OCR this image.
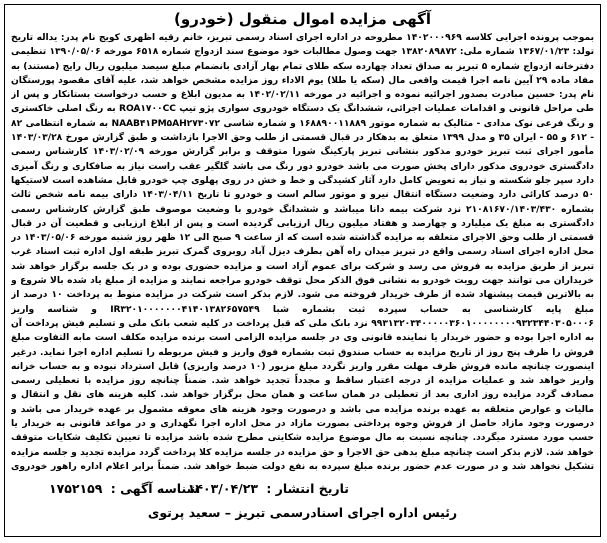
آگهی مزایده اموال منقول (خودرو)
بموجب پرونده اجرایی کلاسه ۱۴۰۲۰۰۰۹۶۹ مطروحه در اداره اجرای اسناد رسمی تبریز، خانم رقیه اظهری کویج نام پدر: یداله تاریخ تولد: ۱۳۶۷/۰۱/۲۳ شماره ملی: ۱۳۸۲۰۸۹۸۷۲ جهت وصول مطالبات خود موضوع سند ازدواج شماره ۶۵۱۸ مورخه ۱۳۹۰/۰۵/۰۶ تنظیمی دفترخانه ازدواج شماره ۵ تبریز به صداق تعداد چهارده سکه طلای تمام بهار آزادی بانضمام مبلغ سیصد میلیون ریال رایج (مستند) به مفاد ماده ۲۹ آیین نامه اجرا قیمت واقعی مال (سکه یا طلا) یوم الاداء روز مزایده مشخص خواهد شد، علیه آقای مقصود پورستگان نام پدر: حسین مبادرت بصدور اجرائیه نموده و اجرائیه در مورخه ۱۴۰۲/۰۲/۱۱ به مدیون ابلاغ و حسب درخواست بستانکار و پس از طی مراحل قانونی و اقدامات عملیات اجرائی، ششدانگ یک دستگاه خودروی سواری پژو تیپ ROA۱۷۰۰CC به رنگ اصلی خاکستری و رنگ فرعی نوک مدادی - متالیک به شماره موتور ۱۶۸۸۹۰۰۱۱۸۸۹ و شماره شاسی NAAB۴۱PM۵AH۲۷۳۰۷۲ به شماره انتظامی ۸۲ - ۶۱۲ و ۵۵ - ایران ۳۵ و مدل ۱۳۹۹ متعلق به بدهکار در قبال قسمتی از طلب وحق الاجرا بازداشت و طبق گزارش مورخ ۱۴۰۳/۰۳/۲۸ مأمور اجرای ثبت تبریز خودرو مذکور بنشانی تبریز پارکینگ شورا متوقف و برابر گزارش مورخه ۱۴۰۳/۰۲/۰۹ کارشناس رسمی دادگستری خودروی مذکور دارای پخش صورت می باشد خودرو دور رنگ می باشد گلگیر عقب راست نیاز به صافکاری و رنگ آمیزی دارد سپر جلو شکسته و نیاز به تعویض کامل دارد آثار کشیدگی و خط و خش در روی پهلوی چپ خودرو قابل مشاهده است لاستیکها ۵۰ درصد کارائی دارد وضعیت دستگاه انتقال نیرو و موتور سالم است و خودرو تا تاریخ ۱۴۰۳/۰۴/۱۱ دارای بیمه نامه شخص ثالث بشماره ۲۱۰۸۱۶۷۰/۱۴۰۳/۴۳۰ نزد شرکت بیمه دانا میباشد و ششدانگ خودرو با وضعیت موصوف طبق گزارش کارشناس رسمی دادگستری به مبلغ یک میلیارد و چهارصد و هفتاد میلیون ریال ارزیابی گردیده است و پس از ابلاغ ارزیابی و قطعیت آن در قبال قسمتی از طلب وحق الاجرای متعلقه به مزایده گذاشته شده است که از ساعت ۹ صبح الی ۱۲ ظهر روز شنبه مورخه ۱۴۰۳/۰۵/۰۶ در محل اداره اجرای اسناد رسمی واقع در تبریز میدان راه آهن بطرف دیزل آباد روبروی گمرک تبریز طبقه اول اداره ثبت اسناد غرب تبریز از طریق مزایده به فروش می رسد و شرکت برای عموم آزاد است و مزایده حضوری بوده و در یک جلسه برگزار خواهد شد خریداران می توانند جهت رویت خودرو به نشانی فوق الذکر محل توقف خودرو مراجعه نمایند و مزایده از مبلغ یاد شده بالا شروع و به بالاترین قیمت پیشنهاد شده از طرف خریدار فروخته می شود. لازم بذکر است شرکت در مزایده منوط به پرداخت ۱۰ درصد از مبلغ پایه کارشناسی به حساب سپرده ثبت بشماره شبا IR۳۲۰۱۰۰۰۰۰۰۰۴۱۴۰۱۳۸۲۶۵۷۵۴۹ و شناسه واریز ۹۹۳۱۳۲۰۳۴۰۰۰۰۰۳۶۰۱۰۰۰۰۰۰۰۰۹۳۲۳۴۴۰۳۰۵۰۰۰۶ نزد بانک ملی که قبل پرداخت در کلیه شعب بانک ملی و تسلیم فیش پرداخت آن به اداره اجرا بوده و حضور خریدار یا نماینده قانونی وی در جلسه مزایده الزامی است برنده مزایده مکلف است مابه التفاوت مبلغ فروش را ظرف پنج روز از تاریخ مزایده به حساب صندوق ثبت بشماره فوق واریز و فیش مربوطه را تسلیم اداره اجرا نماید. درغیر اینصورت چنانچه مانده فروش ظرف مهلت مقرر واریز نگردد مبلغ مزبور (۱۰ درصد واریزی) قابل استرداد نبوده و به حساب خزانه واریز خواهد شد و عملیات مزایده از درجه اعتبار ساقط و مجدداً تجدید خواهد شد. ضمناً چنانچه روز مزایده با تعطیلی رسمی مصادف گردد مزایده روز اداری بعد از تعطیلی در همان ساعت و همان محل برگزار خواهد شد. کلیه هزینه های نقل و انتقال و مالیات و عوارض متعلقه به عهده برنده مزایده می باشد و درصورت وجود هزینه های معوقه مشمول بر عهده خریدار می باشد و درصورت وجود مازاد حاصل از فروش وجوه پرداختی بصورت مازاد در محل اداره اجرا نگهداری و در مواعد قانونی به خریدار یا حسب مورد مسترد میگردد. چنانچه نسبت به مال موضوع مزایده شکایتی مطرح شده باشد مزایده تا تعیین تکلیف شکایات متوقف خواهد شد. لازم بذکر است چنانچه مبلغ بدهی حق الاجرا و حق مزایده در جلسه مزایده کلا پرداخت گردد مزایده تجدید و جلسه مزایده تشکیل نخواهد شد و در صورت عدم حضور برنده مبلغ سپرده به نفع دولت ضبط خواهد شد. ضمناً برابر اعلام اداره راهور خودروی
تاریخ انتشار : ۱۴۰۳/۰۴/۲۳
شناسه آگهی : ۱۷۵۲۱۵۹
رئیس اداره اجرای اسنادرسمی تبریز – سعید پرتوی
